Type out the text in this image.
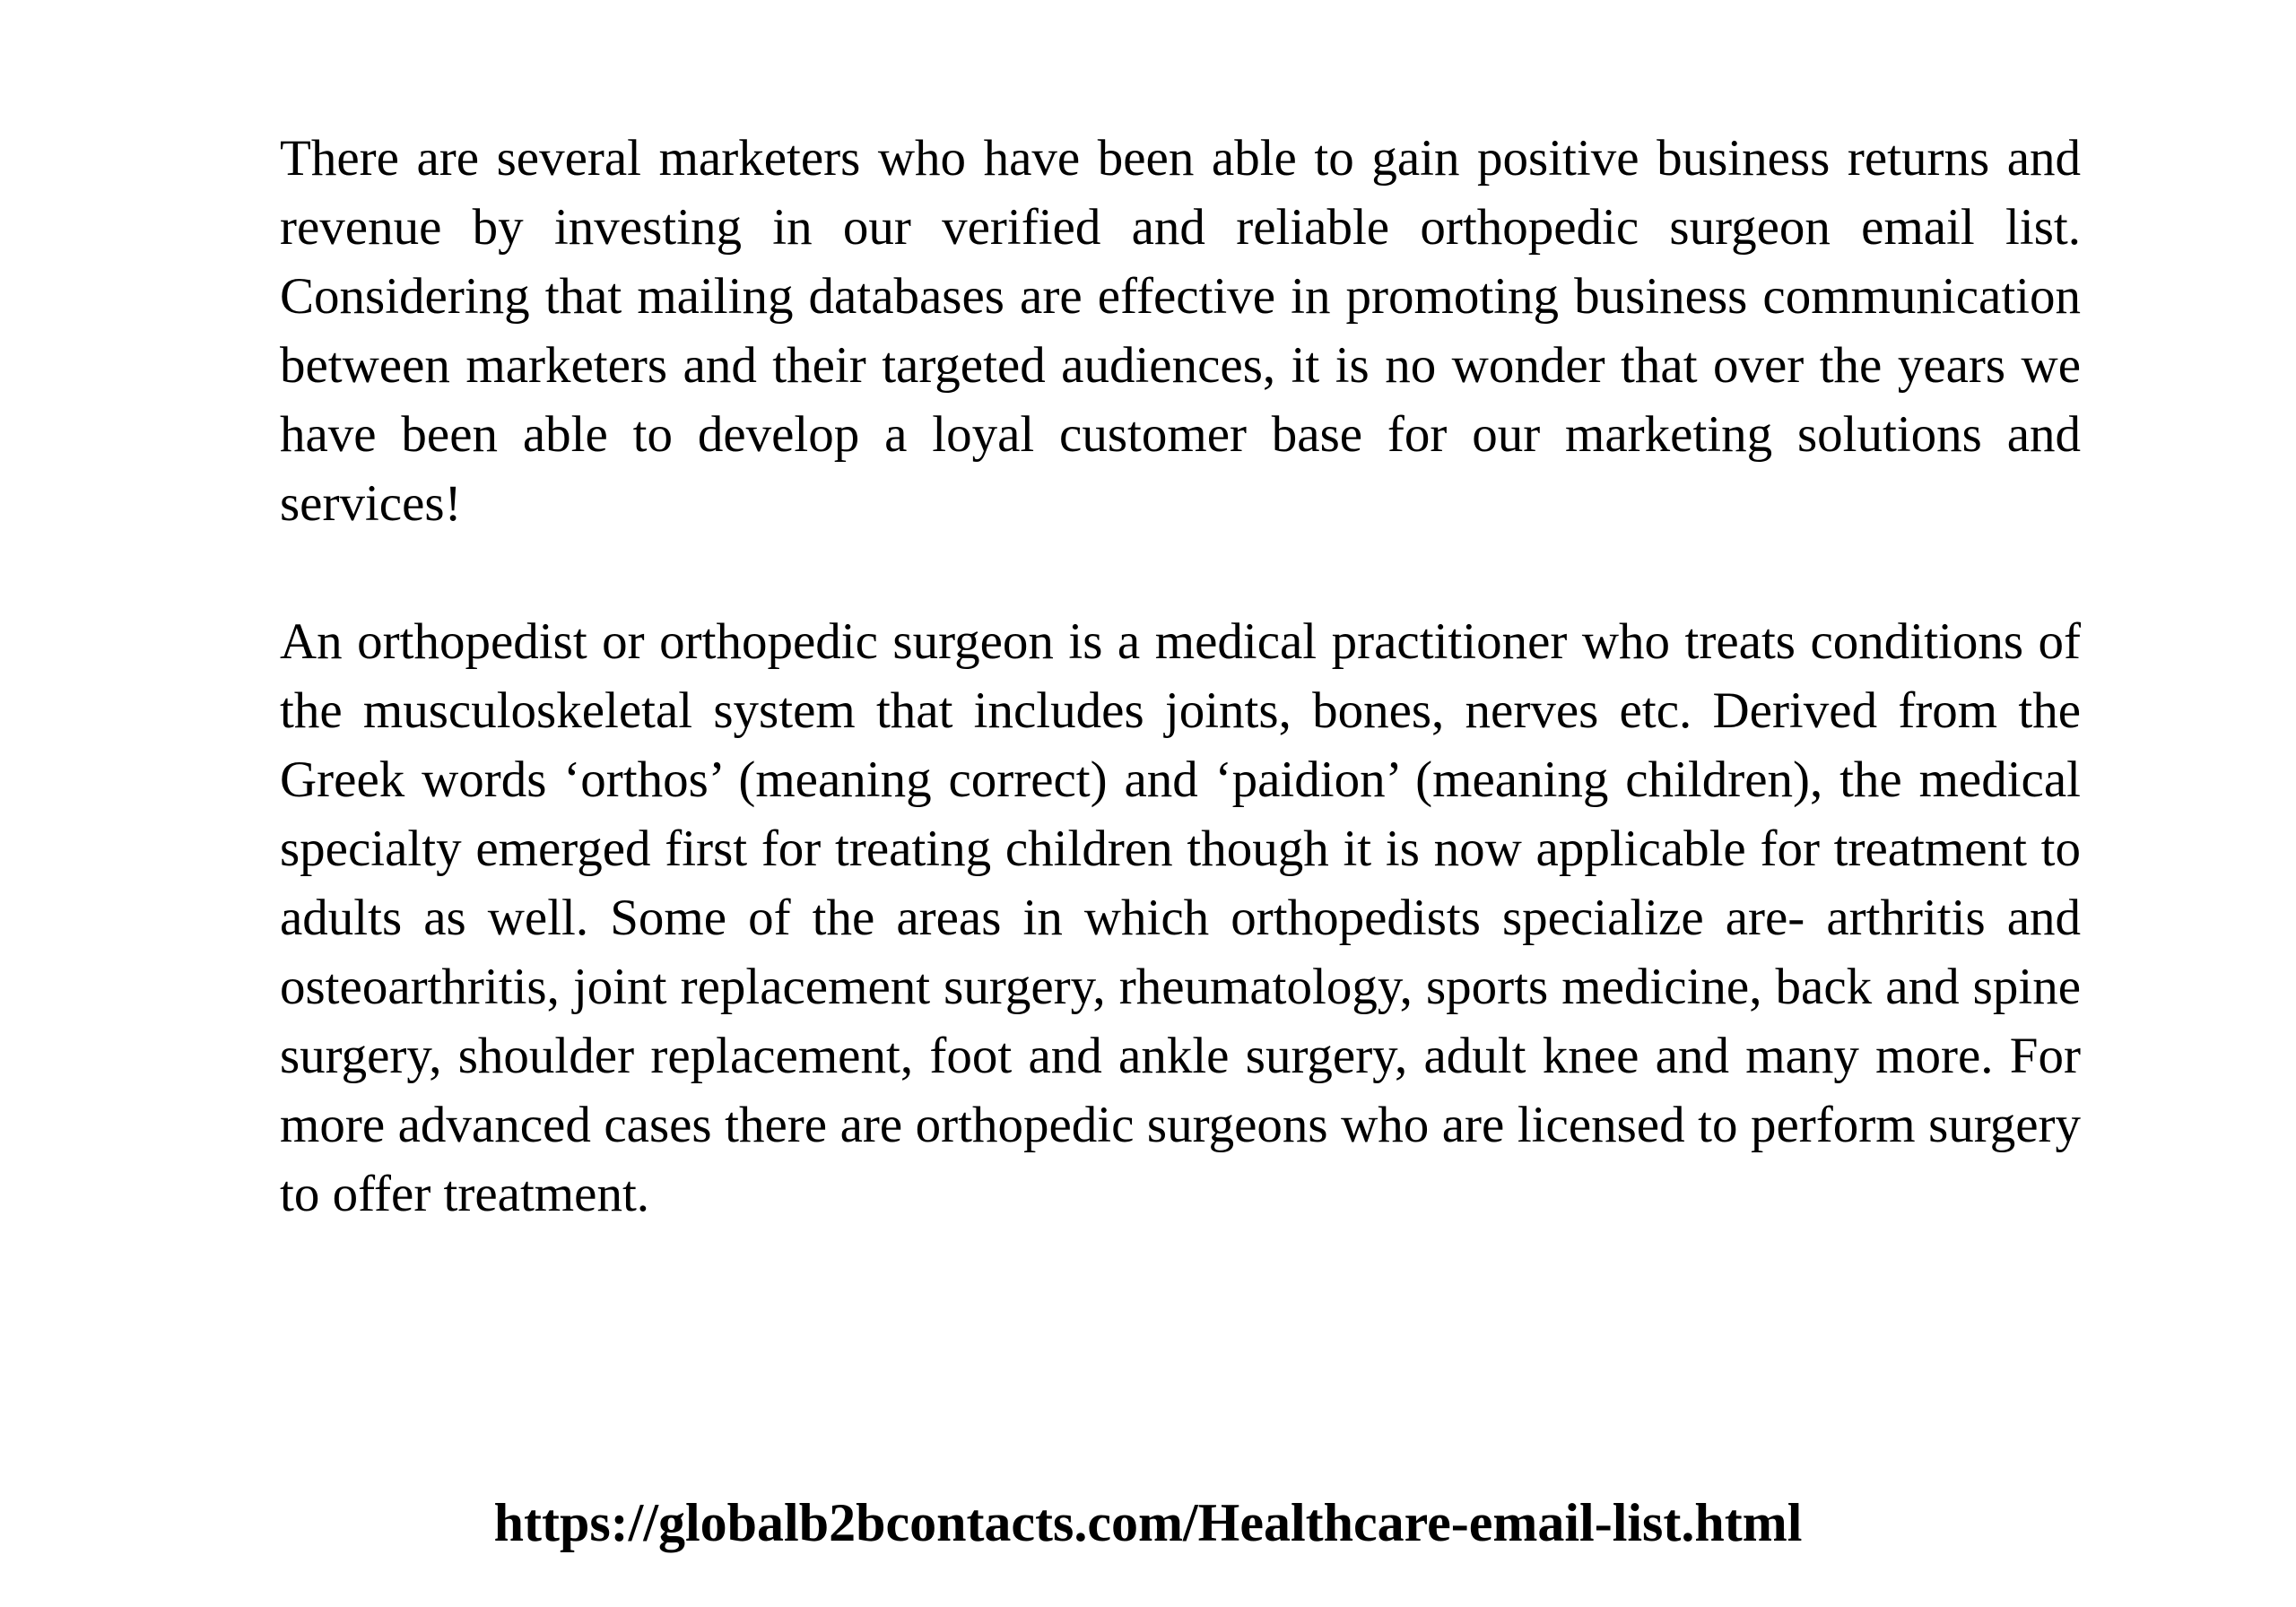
There are several marketers who have been able to gain positive business returns and revenue by investing in our verified and reliable orthopedic surgeon email list. Considering that mailing databases are effective in promoting business communication between marketers and their targeted audiences, it is no wonder that over the years we have been able to develop a loyal customer base for our marketing solutions and services!

An orthopedist or orthopedic surgeon is a medical practitioner who treats conditions of the musculoskeletal system that includes joints, bones, nerves etc. Derived from the Greek words ‘orthos’ (meaning correct) and ‘paidion’ (meaning children), the medical specialty emerged first for treating children though it is now applicable for treatment to adults as well. Some of the areas in which orthopedists specialize are- arthritis and osteoarthritis, joint replacement surgery, rheumatology, sports medicine, back and spine surgery, shoulder replacement, foot and ankle surgery, adult knee and many more. For more advanced cases there are orthopedic surgeons who are licensed to perform surgery to offer treatment.

https://globalb2bcontacts.com/Healthcare-email-list.html
